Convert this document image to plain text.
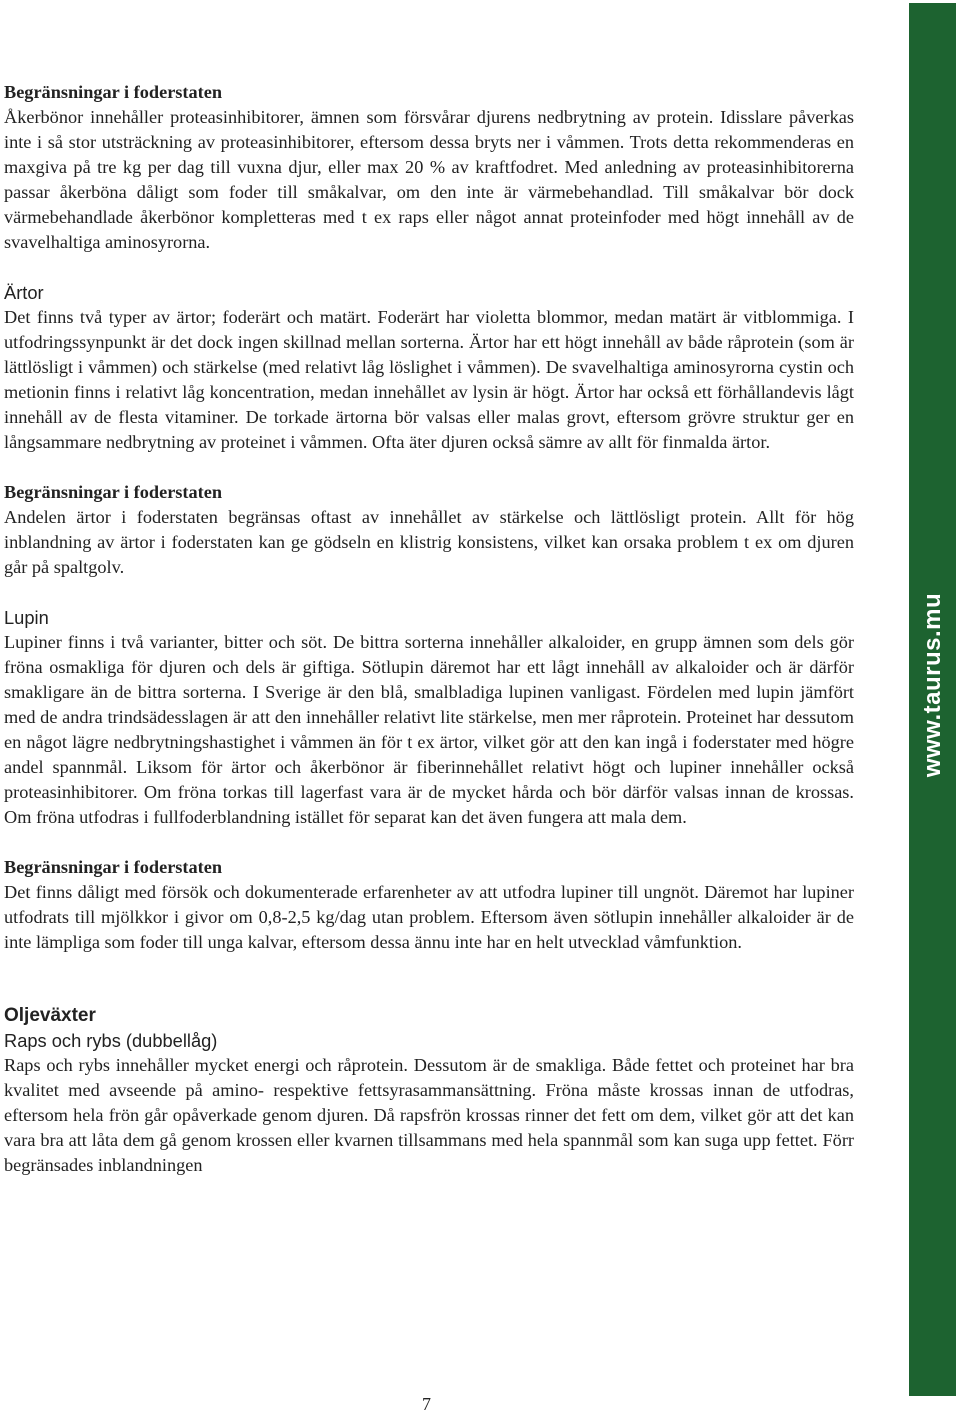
Begränsningar i foderstaten

Åkerbönor innehåller proteasinhibitorer, ämnen som försvårar djurens nedbrytning av protein. Idisslare påverkas inte i så stor utsträckning av proteasinhibitorer, eftersom dessa bryts ner i våmmen. Trots detta rekommenderas en maxgiva på tre kg per dag till vuxna djur, eller max 20 % av kraftfodret. Med anledning av proteasinhibitorerna passar åkerböna dåligt som foder till småkalvar, om den inte är värmebehandlad. Till småkalvar bör dock värmebehandlade åkerbönor kompletteras med t ex raps eller något annat proteinfoder med högt innehåll av de svavelhaltiga aminosyrorna.

Ärtor

Det finns två typer av ärtor; foderärt och matärt. Foderärt har violetta blommor, medan matärt är vitblommiga. I utfodringssynpunkt är det dock ingen skillnad mellan sorterna. Ärtor har ett högt innehåll av både råprotein (som är lättlösligt i våmmen) och stärkelse (med relativt låg löslighet i våmmen). De svavelhaltiga aminosyrorna cystin och metionin finns i relativt låg koncentration, medan innehållet av lysin är högt. Ärtor har också ett förhållandevis lågt innehåll av de flesta vitaminer. De torkade ärtorna bör valsas eller malas grovt, eftersom grövre struktur ger en långsammare nedbrytning av proteinet i våmmen. Ofta äter djuren också sämre av allt för finmalda ärtor.

Begränsningar i foderstaten

Andelen ärtor i foderstaten begränsas oftast av innehållet av stärkelse och lättlösligt protein. Allt för hög inblandning av ärtor i foderstaten kan ge gödseln en klistrig konsistens, vilket kan orsaka problem t ex om djuren går på spaltgolv.

Lupin

Lupiner finns i två varianter, bitter och söt. De bittra sorterna innehåller alkaloider, en grupp ämnen som dels gör fröna osmakliga för djuren och dels är giftiga. Sötlupin däremot har ett lågt innehåll av alkaloider och är därför smakligare än de bittra sorterna. I Sverige är den blå, smalbladiga lupinen vanligast. Fördelen med lupin jämfört med de andra trindsädesslagen är att den innehåller relativt lite stärkelse, men mer råprotein. Proteinet har dessutom en något lägre nedbrytningshastighet i våmmen än för t ex ärtor, vilket gör att den kan ingå i foderstater med högre andel spannmål. Liksom för ärtor och åkerbönor är fiberinnehållet relativt högt och lupiner innehåller också proteasinhibitorer. Om fröna torkas till lagerfast vara är de mycket hårda och bör därför valsas innan de krossas. Om fröna utfodras i fullfoderblandning istället för separat kan det även fungera att mala dem.

Begränsningar i foderstaten

Det finns dåligt med försök och dokumenterade erfarenheter av att utfodra lupiner till ungnöt. Däremot har lupiner utfodrats till mjölkkor i givor om 0,8-2,5 kg/dag utan problem. Eftersom även sötlupin innehåller alkaloider är de inte lämpliga som foder till unga kalvar, eftersom dessa ännu inte har en helt utvecklad våmfunktion.

Oljeväxter

Raps och rybs (dubbellåg)

Raps och rybs innehåller mycket energi och råprotein. Dessutom är de smakliga. Både fettet och proteinet har bra kvalitet med avseende på amino- respektive fettsyrasammansättning. Fröna måste krossas innan de utfodras, eftersom hela frön går opåverkade genom djuren. Då rapsfrön krossas rinner det fett om dem, vilket gör att det kan vara bra att låta dem gå genom krossen eller kvarnen tillsammans med hela spannmål som kan suga upp fettet. Förr begränsades inblandningen

www.taurus.mu
7
